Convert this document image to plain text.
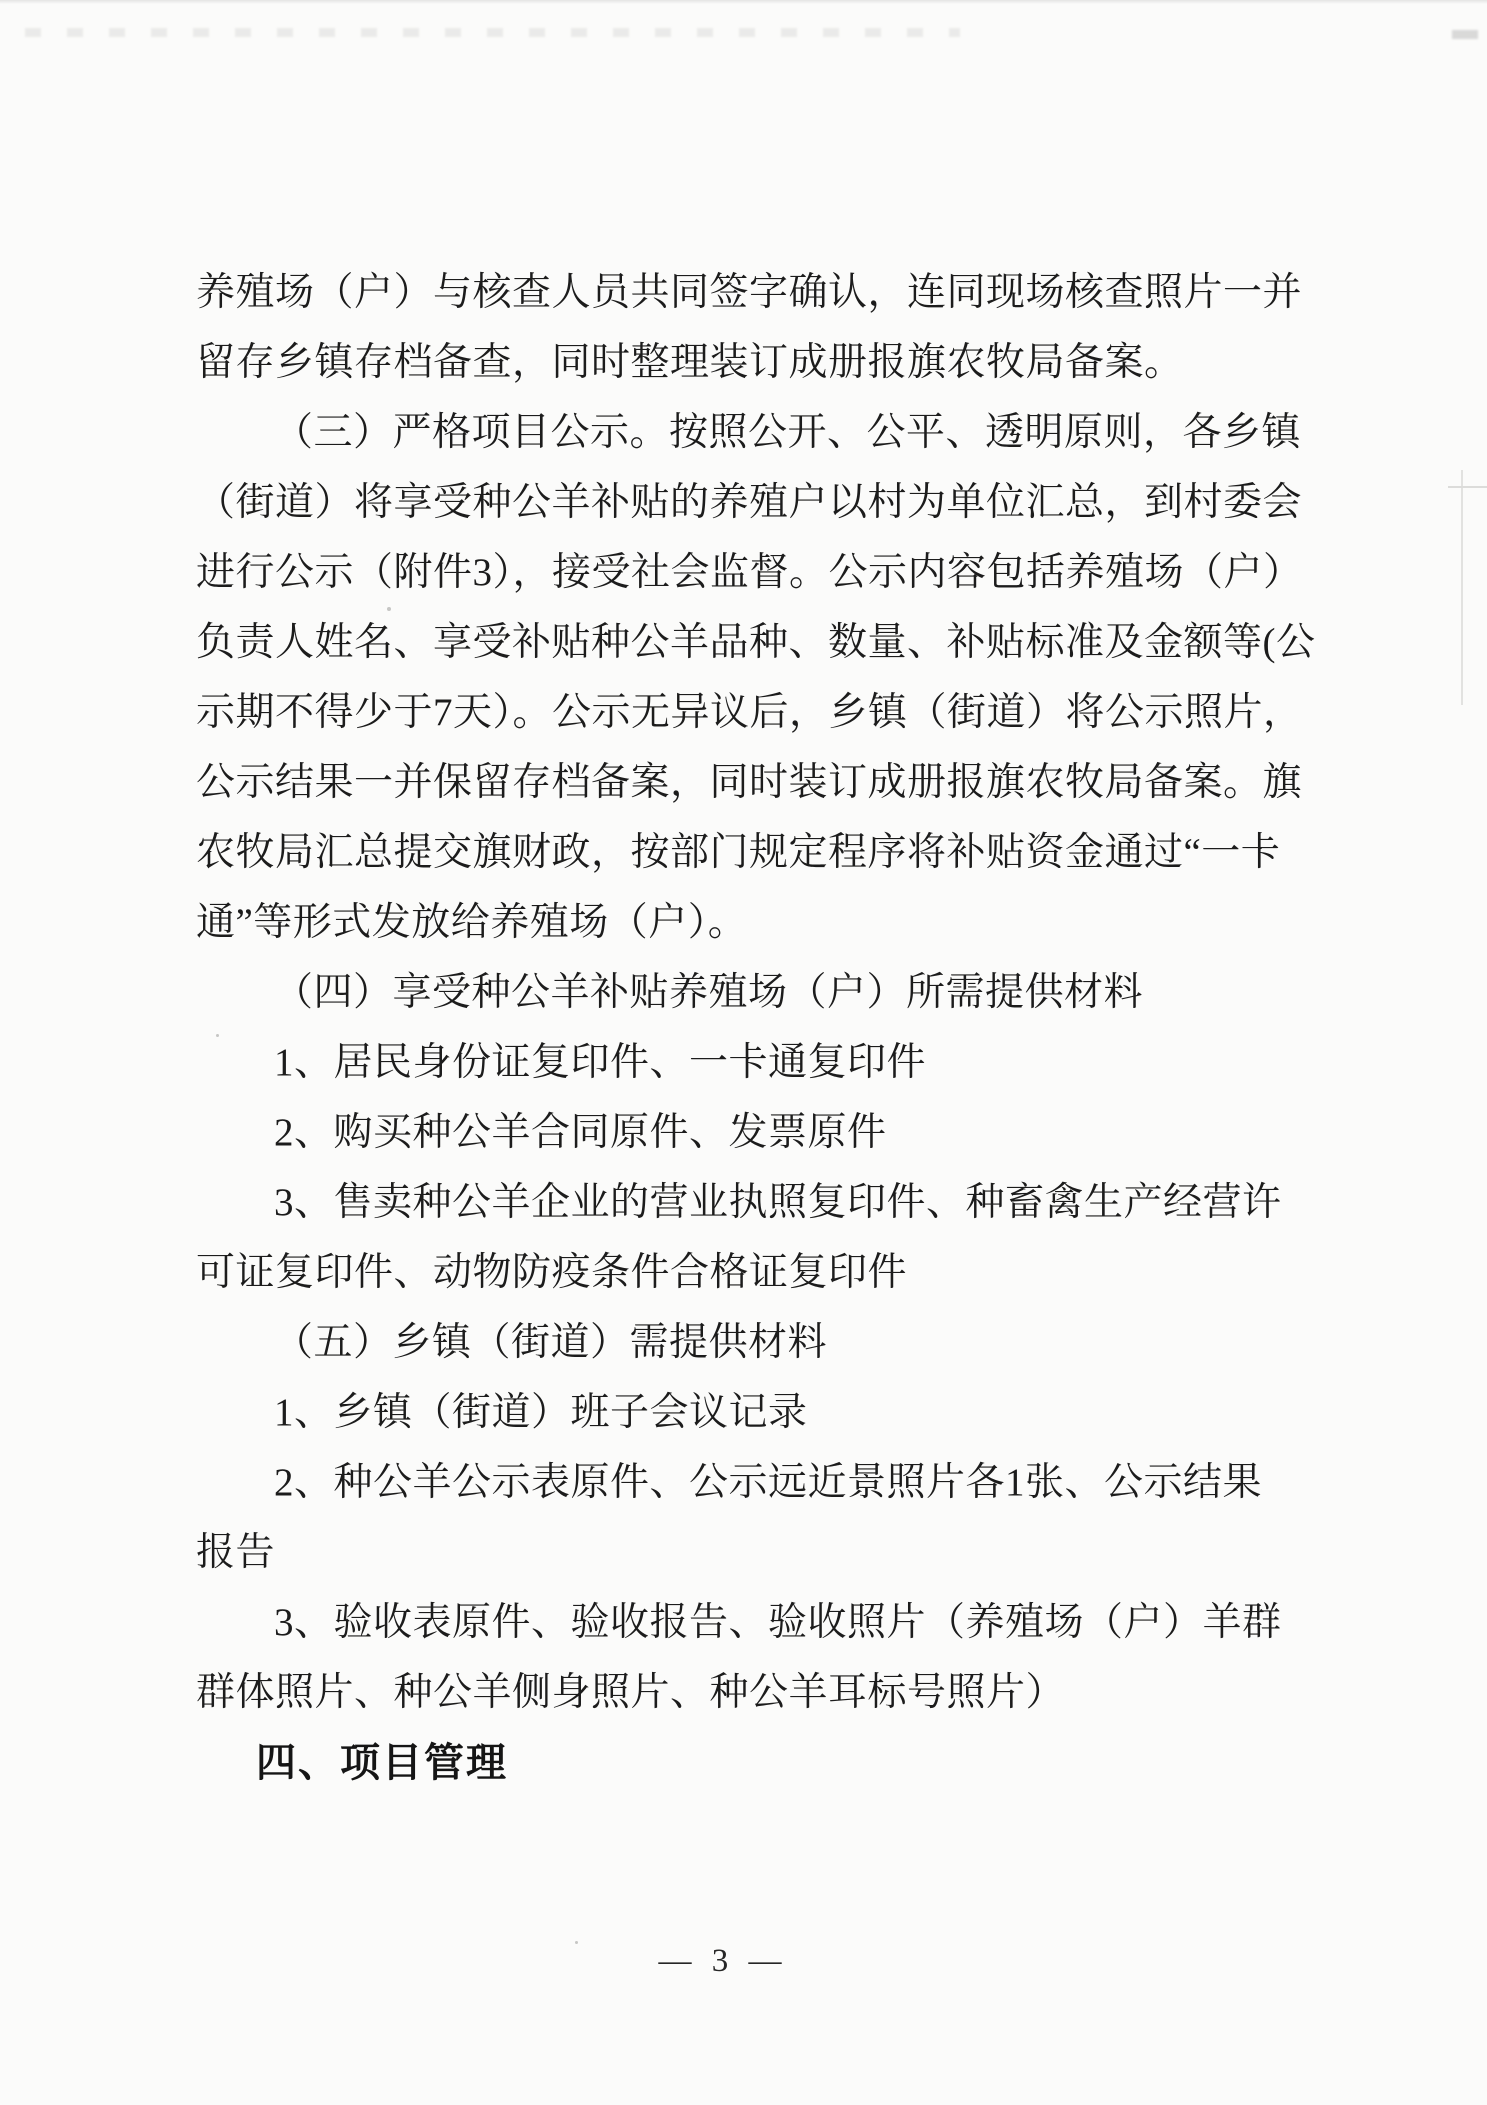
养殖场（户）与核查人员共同签字确认，连同现场核查照片一并
留存乡镇存档备查，同时整理装订成册报旗农牧局备案。
（三）严格项目公示。按照公开、公平、透明原则，各乡镇
（街道）将享受种公羊补贴的养殖户以村为单位汇总，到村委会
进行公示（附件3），接受社会监督。公示内容包括养殖场（户）
负责人姓名、享受补贴种公羊品种、数量、补贴标准及金额等(公
示期不得少于7天）。公示无异议后，乡镇（街道）将公示照片，
公示结果一并保留存档备案，同时装订成册报旗农牧局备案。旗
农牧局汇总提交旗财政，按部门规定程序将补贴资金通过“一卡
通”等形式发放给养殖场（户）。
（四）享受种公羊补贴养殖场（户）所需提供材料
1、居民身份证复印件、一卡通复印件
2、购买种公羊合同原件、发票原件
3、售卖种公羊企业的营业执照复印件、种畜禽生产经营许
可证复印件、动物防疫条件合格证复印件
（五）乡镇（街道）需提供材料
1、乡镇（街道）班子会议记录
2、种公羊公示表原件、公示远近景照片各1张、公示结果
报告
3、验收表原件、验收报告、验收照片（养殖场（户）羊群
群体照片、种公羊侧身照片、种公羊耳标号照片）
四、项目管理
— 3 —
